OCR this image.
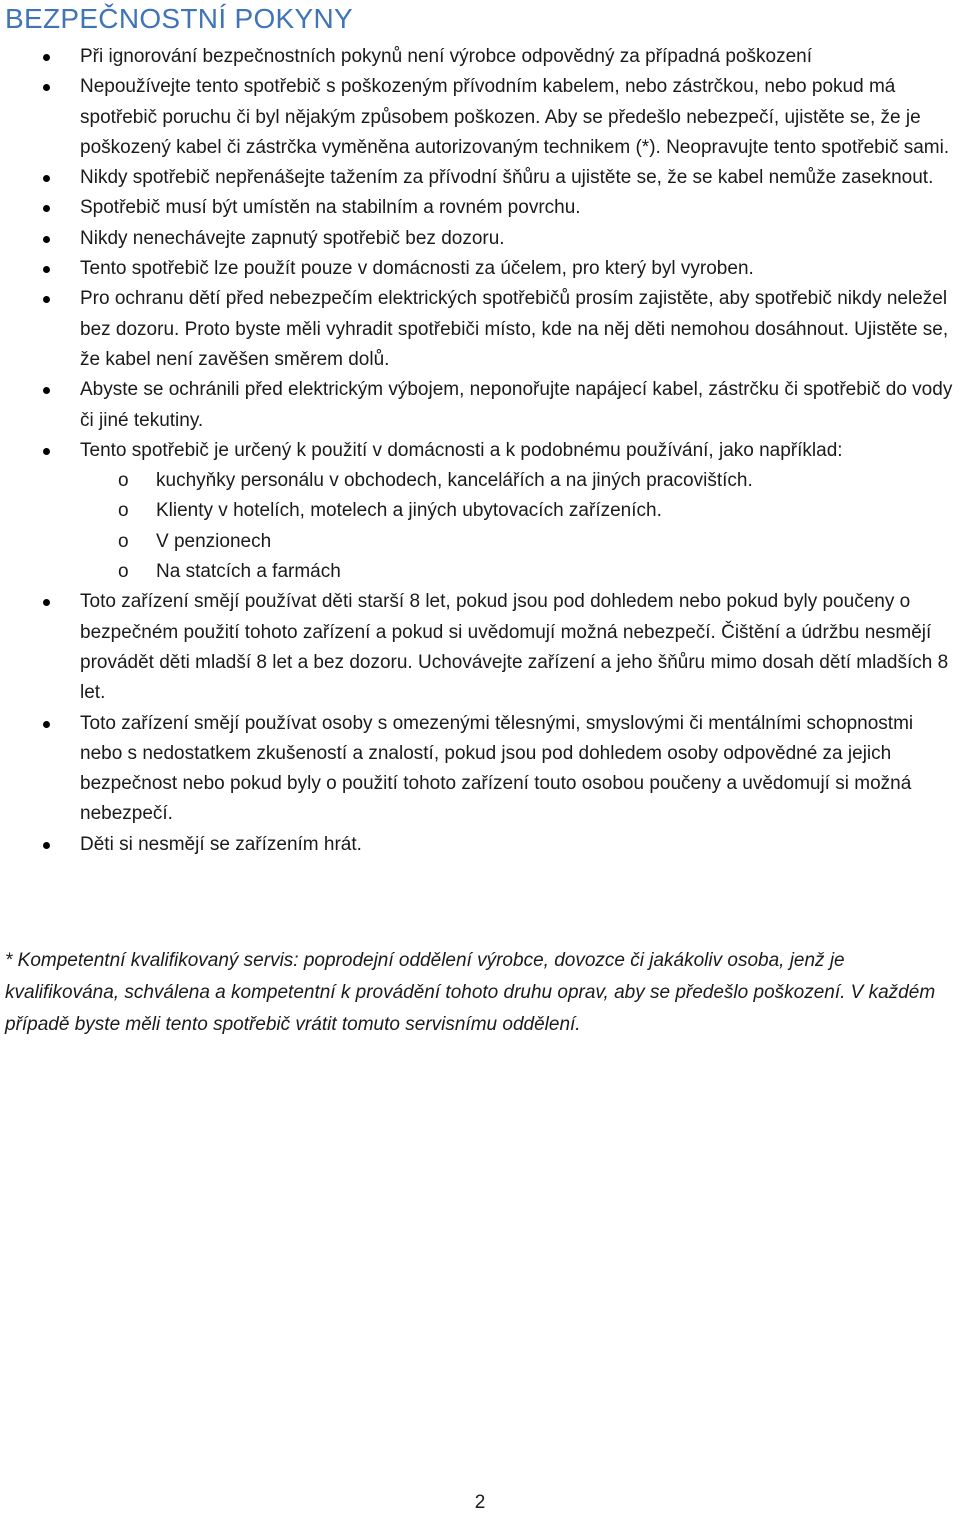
BEZPEČNOSTNÍ POKYNY
Při ignorování bezpečnostních pokynů není výrobce odpovědný za případná poškození
Nepoužívejte tento spotřebič s poškozeným přívodním kabelem, nebo zástrčkou, nebo pokud má spotřebič poruchu či byl nějakým způsobem poškozen. Aby se předešlo nebezpečí, ujistěte se, že je poškozený kabel či zástrčka vyměněna autorizovaným technikem (*). Neopravujte tento spotřebič sami.
Nikdy spotřebič nepřenášejte tažením za přívodní šňůru a ujistěte se, že se kabel nemůže zaseknout.
Spotřebič musí být umístěn na stabilním a rovném povrchu.
Nikdy nenechávejte zapnutý spotřebič bez dozoru.
Tento spotřebič lze použít pouze v domácnosti za účelem, pro který byl vyroben.
Pro ochranu dětí před nebezpečím elektrických spotřebičů prosím zajistěte, aby spotřebič nikdy neležel bez dozoru. Proto byste měli vyhradit spotřebiči místo, kde na něj děti nemohou dosáhnout. Ujistěte se, že kabel není zavěšen směrem dolů.
Abyste se ochránili před elektrickým výbojem, neponořujte napájecí kabel, zástrčku či spotřebič do vody či jiné tekutiny.
Tento spotřebič je určený k použití v domácnosti a k podobnému používání, jako například:
o kuchyňky personálu v obchodech, kancelářích a na jiných pracovištích.
o Klienty v hotelích, motelech a jiných ubytovacích zařízeních.
o V penzionech
o Na statcích a farmách
Toto zařízení smějí používat děti starší 8 let, pokud jsou pod dohledem nebo pokud byly poučeny o bezpečném použití tohoto zařízení a pokud si uvědomují možná nebezpečí. Čištění a údržbu nesmějí provádět děti mladší 8 let a bez dozoru. Uchovávejte zařízení a jeho šňůru mimo dosah dětí mladších 8 let.
Toto zařízení smějí používat osoby s omezenými tělesnými, smyslovými či mentálními schopnostmi nebo s nedostatkem zkušeností a znalostí, pokud jsou pod dohledem osoby odpovědné za jejich bezpečnost nebo pokud byly o použití tohoto zařízení touto osobou poučeny a uvědomují si možná nebezpečí.
Děti si nesmějí se zařízením hrát.

* Kompetentní kvalifikovaný servis: poprodejní oddělení výrobce, dovozce či jakákoliv osoba, jenž je kvalifikována, schválena a kompetentní k provádění tohoto druhu oprav, aby se předešlo poškození. V každém případě byste měli tento spotřebič vrátit tomuto servisnímu oddělení.

2
